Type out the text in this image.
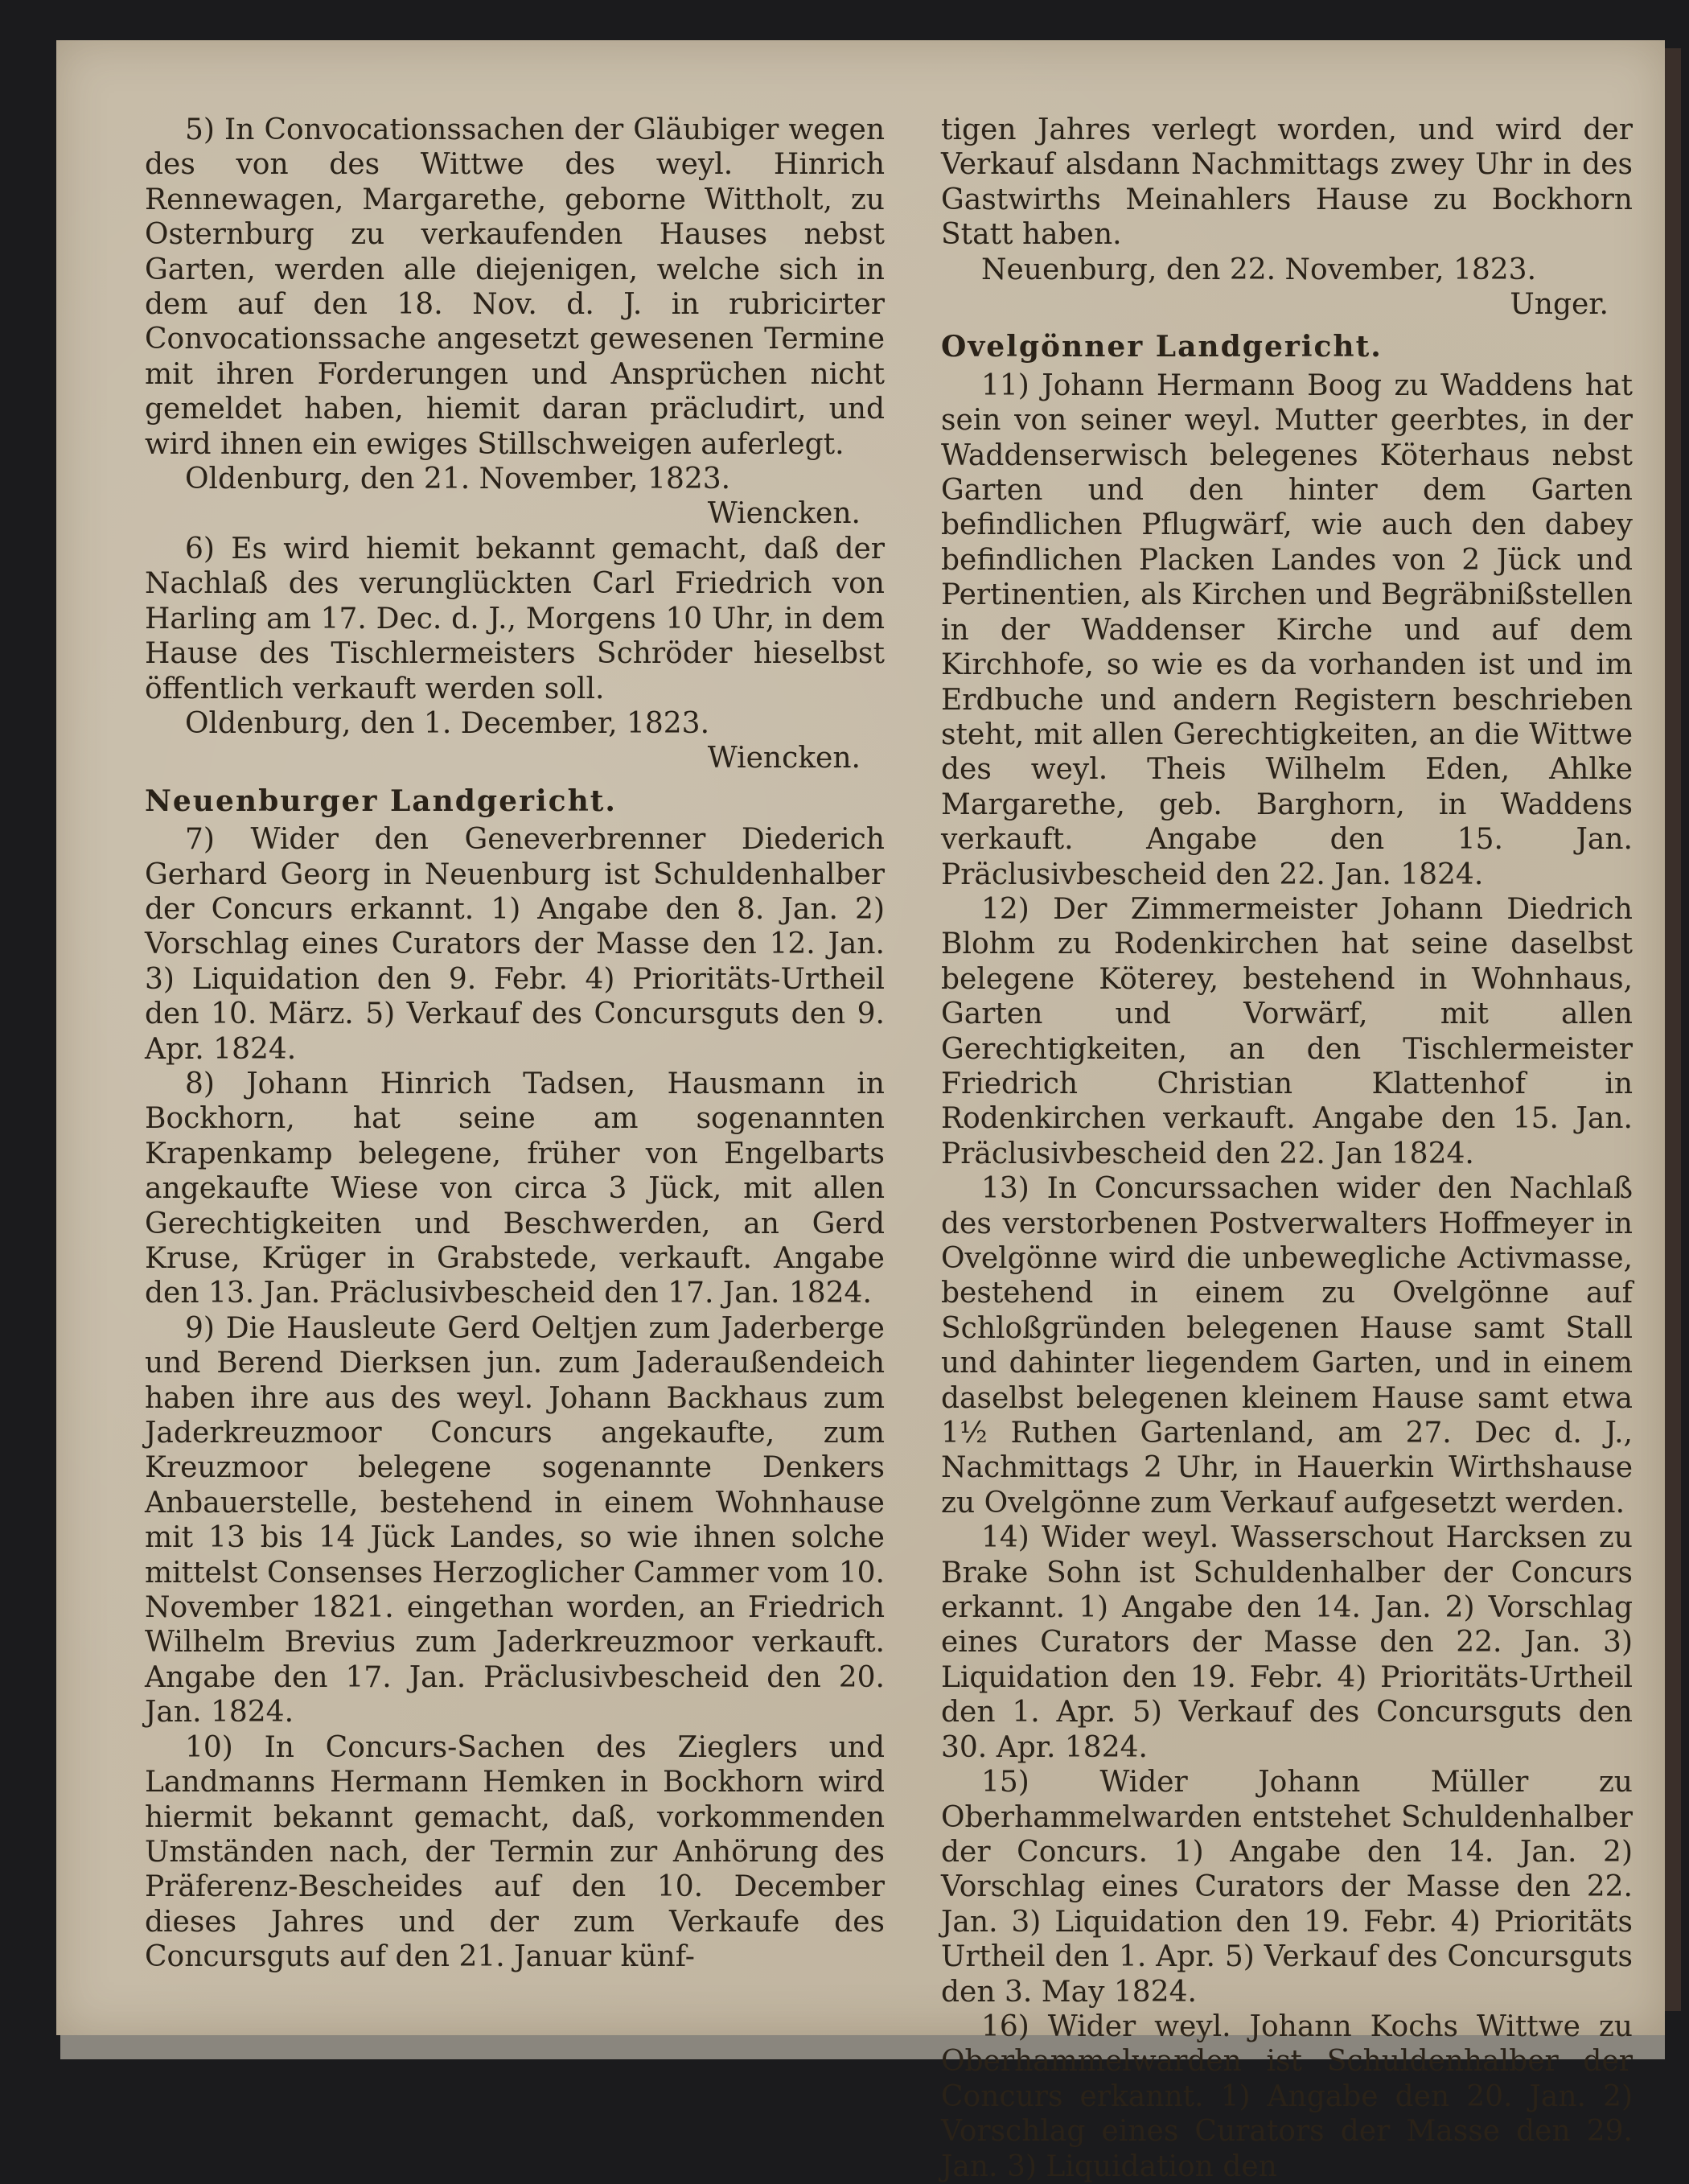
5) In Convocationssachen der Gläubiger wegen des von des Wittwe des weyl. Hinrich Rennewagen, Margarethe, geborne Wittholt, zu Osternburg zu verkaufenden Hauses nebst Garten, werden alle diejenigen, welche sich in dem auf den 18. Nov. d. J. in rubricirter Convocationssache angesetzt gewesenen Termine mit ihren Forderungen und Ansprüchen nicht gemeldet haben, hiemit daran präcludirt, und wird ihnen ein ewiges Stillschweigen auferlegt.

Oldenburg, den 21. November, 1823.

Wiencken.

6) Es wird hiemit bekannt gemacht, daß der Nachlaß des verunglückten Carl Friedrich von Harling am 17. Dec. d. J., Morgens 10 Uhr, in dem Hause des Tischlermeisters Schröder hieselbst öffentlich verkauft werden soll.

Oldenburg, den 1. December, 1823.

Wiencken.

Neuenburger Landgericht.

7) Wider den Geneverbrenner Diederich Gerhard Georg in Neuenburg ist Schuldenhalber der Concurs erkannt. 1) Angabe den 8. Jan. 2) Vorschlag eines Curators der Masse den 12. Jan. 3) Liquidation den 9. Febr. 4) Prioritäts-Urtheil den 10. März. 5) Verkauf des Concursguts den 9. Apr. 1824.

8) Johann Hinrich Tadsen, Hausmann in Bockhorn, hat seine am sogenannten Krapenkamp belegene, früher von Engelbarts angekaufte Wiese von circa 3 Jück, mit allen Gerechtigkeiten und Beschwerden, an Gerd Kruse, Krüger in Grabstede, verkauft. Angabe den 13. Jan. Präclusivbescheid den 17. Jan. 1824.

9) Die Hausleute Gerd Oeltjen zum Jaderberge und Berend Dierksen jun. zum Jaderaußendeich haben ihre aus des weyl. Johann Backhaus zum Jaderkreuzmoor Concurs angekaufte, zum Kreuzmoor belegene sogenannte Denkers Anbauerstelle, bestehend in einem Wohnhause mit 13 bis 14 Jück Landes, so wie ihnen solche mittelst Consenses Herzoglicher Cammer vom 10. November 1821. eingethan worden, an Friedrich Wilhelm Brevius zum Jaderkreuzmoor verkauft. Angabe den 17. Jan. Präclusivbescheid den 20. Jan. 1824.

10) In Concurs-Sachen des Zieglers und Landmanns Hermann Hemken in Bockhorn wird hiermit bekannt gemacht, daß, vorkommenden Umständen nach, der Termin zur Anhörung des Präferenz-Bescheides auf den 10. December dieses Jahres und der zum Verkaufe des Concursguts auf den 21. Januar künf-

tigen Jahres verlegt worden, und wird der Verkauf alsdann Nachmittags zwey Uhr in des Gastwirths Meinahlers Hause zu Bockhorn Statt haben.

Neuenburg, den 22. November, 1823.

Unger.

Ovelgönner Landgericht.

11) Johann Hermann Boog zu Waddens hat sein von seiner weyl. Mutter geerbtes, in der Waddenserwisch belegenes Köterhaus nebst Garten und den hinter dem Garten befindlichen Pflugwärf, wie auch den dabey befindlichen Placken Landes von 2 Jück und Pertinentien, als Kirchen und Begräbnißstellen in der Waddenser Kirche und auf dem Kirchhofe, so wie es da vorhanden ist und im Erdbuche und andern Registern beschrieben steht, mit allen Gerechtigkeiten, an die Wittwe des weyl. Theis Wilhelm Eden, Ahlke Margarethe, geb. Barghorn, in Waddens verkauft. Angabe den 15. Jan. Präclusivbescheid den 22. Jan. 1824.

12) Der Zimmermeister Johann Diedrich Blohm zu Rodenkirchen hat seine daselbst belegene Köterey, bestehend in Wohnhaus, Garten und Vorwärf, mit allen Gerechtigkeiten, an den Tischlermeister Friedrich Christian Klattenhof in Rodenkirchen verkauft. Angabe den 15. Jan. Präclusivbescheid den 22. Jan 1824.

13) In Concurssachen wider den Nachlaß des verstorbenen Postverwalters Hoffmeyer in Ovelgönne wird die unbewegliche Activmasse, bestehend in einem zu Ovelgönne auf Schloßgründen belegenen Hause samt Stall und dahinter liegendem Garten, und in einem daselbst belegenen kleinem Hause samt etwa 1½ Ruthen Gartenland, am 27. Dec d. J., Nachmittags 2 Uhr, in Hauerkin Wirthshause zu Ovelgönne zum Verkauf aufgesetzt werden.

14) Wider weyl. Wasserschout Harcksen zu Brake Sohn ist Schuldenhalber der Concurs erkannt. 1) Angabe den 14. Jan. 2) Vorschlag eines Curators der Masse den 22. Jan. 3) Liquidation den 19. Febr. 4) Prioritäts-Urtheil den 1. Apr. 5) Verkauf des Concursguts den 30. Apr. 1824.

15) Wider Johann Müller zu Oberhammelwarden entstehet Schuldenhalber der Concurs. 1) Angabe den 14. Jan. 2) Vorschlag eines Curators der Masse den 22. Jan. 3) Liquidation den 19. Febr. 4) Prioritäts Urtheil den 1. Apr. 5) Verkauf des Concursguts den 3. May 1824.

16) Wider weyl. Johann Kochs Wittwe zu Oberhammelwarden ist Schuldenhalber der Concurs erkannt. 1) Angabe den 20. Jan. 2) Vorschlag eines Curators der Masse den 29. Jan. 3) Liquidation den
